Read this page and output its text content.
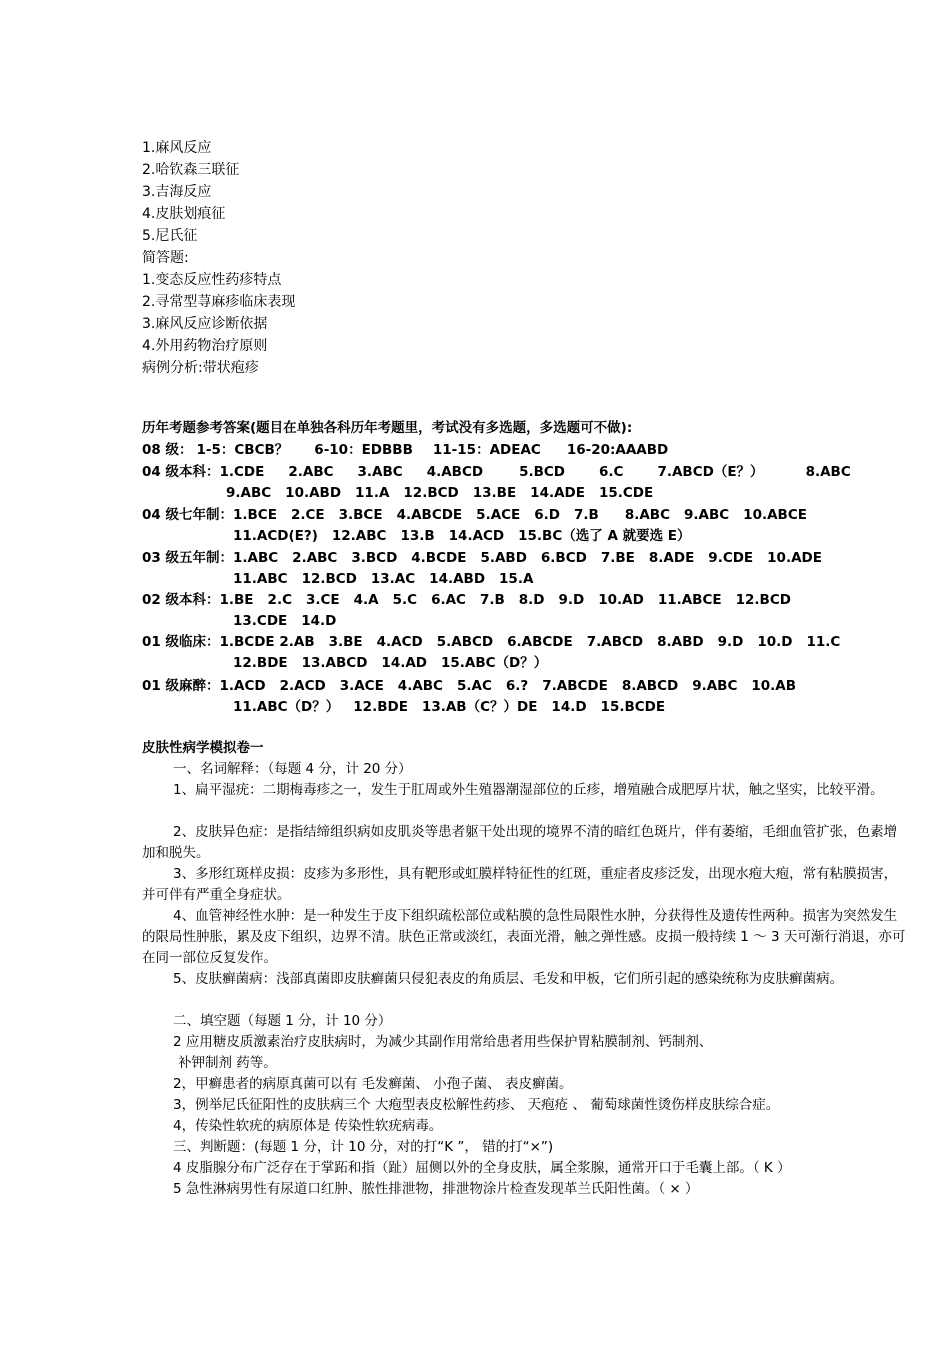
1.麻风反应
2.哈钦森三联征
3.吉海反应
4.皮肤划痕征
5.尼氏征
简答题:
1.变态反应性药疹特点
2.寻常型荨麻疹临床表现
3.麻风反应诊断依据
4.外用药物治疗原则
病例分析:带状疱疹
历年考题参考答案(题目在单独各科历年考题里，考试没有多选题，多选题可不做):
08 级： 1-5：CBCB？ 6-10：EDBBB 11-15：ADEAC 16-20:AAABD
04 级本科：1.CDE 2.ABC 3.ABC 4.ABCD	5.BCD	6.C	7.ABCD（E？）	8.ABC
9.ABC 10.ABD 11.A 12.BCD 13.BE 14.ADE 15.CDE
04 级七年制：1.BCE 2.CE 3.BCE 4.ABCDE 5.ACE 6.D 7.B 8.ABC 9.ABC 10.ABCE
11.ACD(E?) 12.ABC 13.B 14.ACD 15.BC（选了 A 就要选 E）
03 级五年制：1.ABC 2.ABC 3.BCD 4.BCDE 5.ABD 6.BCD 7.BE 8.ADE 9.CDE 10.ADE
11.ABC 12.BCD 13.AC 14.ABD 15.A
02 级本科：1.BE 2.C 3.CE 4.A 5.C 6.AC 7.B 8.D 9.D 10.AD 11.ABCE 12.BCD
13.CDE 14.D
01 级临床：1.BCDE 2.AB 3.BE 4.ACD 5.ABCD 6.ABCDE 7.ABCD 8.ABD 9.D 10.D 11.C
12.BDE 13.ABCD 14.AD 15.ABC（D？）
01 级麻醉：1.ACD 2.ACD 3.ACE 4.ABC 5.AC 6.? 7.ABCDE 8.ABCD 9.ABC 10.AB
11.ABC（D？） 12.BDE 13.AB（C？）DE 14.D 15.BCDE
皮肤性病学模拟卷一
一、名词解释：（每题 4 分，计 20 分）
1、扁平湿疣：二期梅毒疹之一，发生于肛周或外生殖器潮湿部位的丘疹，增殖融合成肥厚片状，触之坚实，比较平滑。
2、皮肤异色症：是指结缔组织病如皮肌炎等患者躯干处出现的境界不清的暗红色斑片，伴有萎缩，毛细血管扩张，色素增加和脱失。
3、多形红斑样皮损：皮疹为多形性，具有靶形或虹膜样特征性的红斑，重症者皮疹泛发，出现水疱大疱，常有粘膜损害，并可伴有严重全身症状。
4、血管神经性水肿：是一种发生于皮下组织疏松部位或粘膜的急性局限性水肿，分获得性及遗传性两种。损害为突然发生的限局性肿胀，累及皮下组织，边界不清。肤色正常或淡红，表面光滑，触之弹性感。皮损一般持续 1 ～ 3 天可渐行消退，亦可在同一部位反复发作。
5、皮肤癣菌病：浅部真菌即皮肤癣菌只侵犯表皮的角质层、毛发和甲板，它们所引起的感染统称为皮肤癣菌病。
二、填空题（每题 1 分，计 10 分）
2 应用糖皮质激素治疗皮肤病时，为减少其副作用常给患者用些保护胃粘膜制剂、钙制剂、
补钾制剂 药等。
2，甲癣患者的病原真菌可以有 毛发癣菌、 小孢子菌、 表皮癣菌。
3，例举尼氏征阳性的皮肤病三个 大疱型表皮松解性药疹、 天疱疮 、 葡萄球菌性烫伤样皮肤综合症。
4，传染性软疣的病原体是 传染性软疣病毒。
三、判断题：(每题 1 分，计 10 分，对的打“K ”， 错的打“×”)
4 皮脂腺分布广泛存在于掌跖和指（趾）屈侧以外的全身皮肤，属全浆腺，通常开口于毛囊上部。（ K ）
5 急性淋病男性有尿道口红肿、脓性排泄物，排泄物涂片检查发现革兰氏阳性菌。（ × ）
